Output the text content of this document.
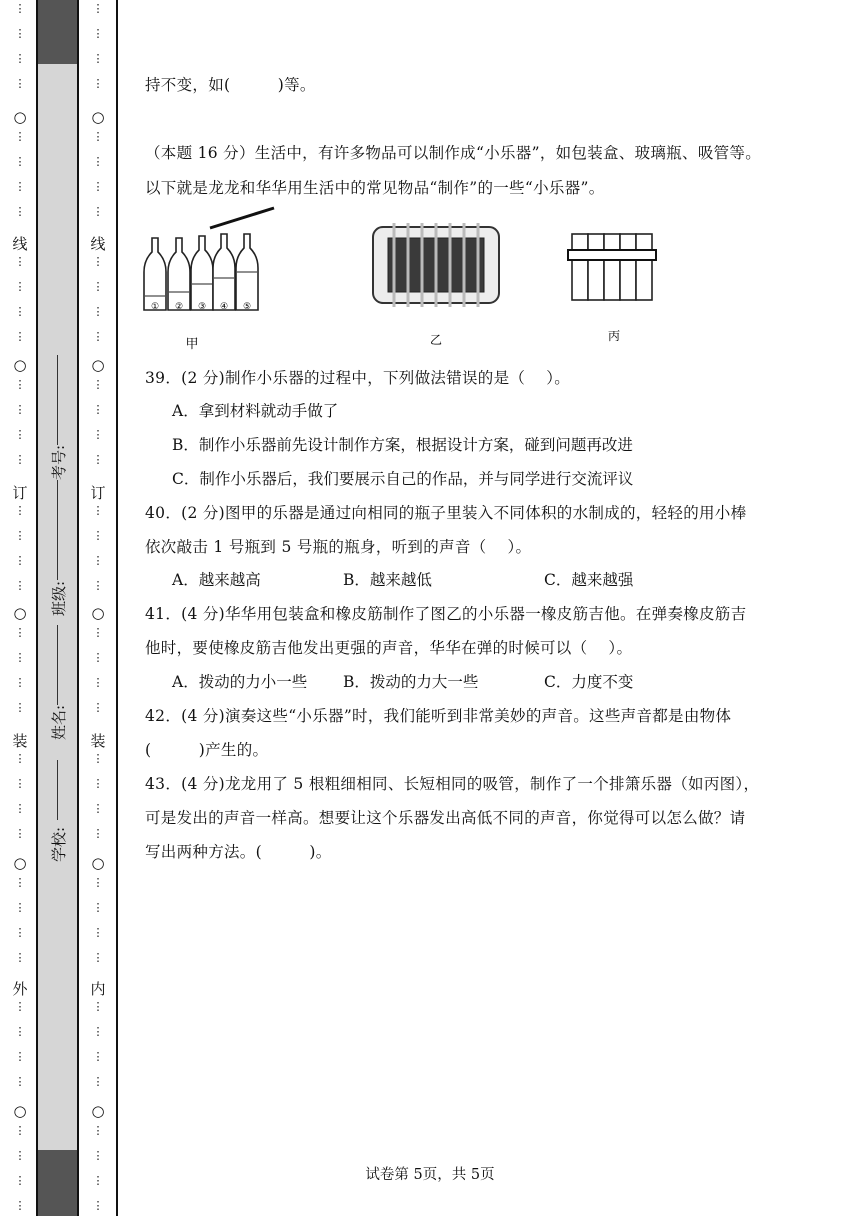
⋮
⋮
⋮
⋮
○
⋮
⋮
⋮
⋮
线
⋮
⋮
⋮
⋮
○
⋮
⋮
⋮
⋮
订
⋮
⋮
⋮
⋮
○
⋮
⋮
⋮
⋮
装
⋮
⋮
⋮
⋮
○
⋮
⋮
⋮
⋮
外
⋮
⋮
⋮
⋮
○
⋮
⋮
⋮
⋮
⋮
⋮
⋮
⋮
○
⋮
⋮
⋮
⋮
线
⋮
⋮
⋮
⋮
○
⋮
⋮
⋮
⋮
订
⋮
⋮
⋮
⋮
○
⋮
⋮
⋮
⋮
装
⋮
⋮
⋮
⋮
○
⋮
⋮
⋮
⋮
内
⋮
⋮
⋮
⋮
○
⋮
⋮
⋮
⋮
学校:
姓名:
班级:
考号:
持不变，如(　　　)等。
（本题 16 分）生活中，有许多物品可以制作成“小乐器”，如包装盒、玻璃瓶、吸管等。
以下就是龙龙和华华用生活中的常见物品“制作”的一些“小乐器”。
① ② ③ ④ ⑤
甲	乙	丙
39．(2 分)制作小乐器的过程中，下列做法错误的是（　 ）。
A．拿到材料就动手做了
B．制作小乐器前先设计制作方案，根据设计方案，碰到问题再改进
C．制作小乐器后，我们要展示自己的作品，并与同学进行交流评议
40．(2 分)图甲的乐器是通过向相同的瓶子里装入不同体积的水制成的，轻轻的用小棒
依次敲击 1 号瓶到 5 号瓶的瓶身，听到的声音（　 ）。
A．越来越高	B．越来越低	C．越来越强
41．(4 分)华华用包装盒和橡皮筋制作了图乙的小乐器一橡皮筋吉他。在弹奏橡皮筋吉
他时，要使橡皮筋吉他发出更强的声音，华华在弹的时候可以（　 ）。
A．拨动的力小一些 B．拨动的力大一些	C．力度不变
42．(4 分)演奏这些“小乐器”时，我们能听到非常美妙的声音。这些声音都是由物体
(　　　)产生的。
43．(4 分)龙龙用了 5 根粗细相同、长短相同的吸管，制作了一个排箫乐器（如丙图），
可是发出的声音一样高。想要让这个乐器发出高低不同的声音，你觉得可以怎么做？请
写出两种方法。(　　　)。
试卷第 5页，共 5页
